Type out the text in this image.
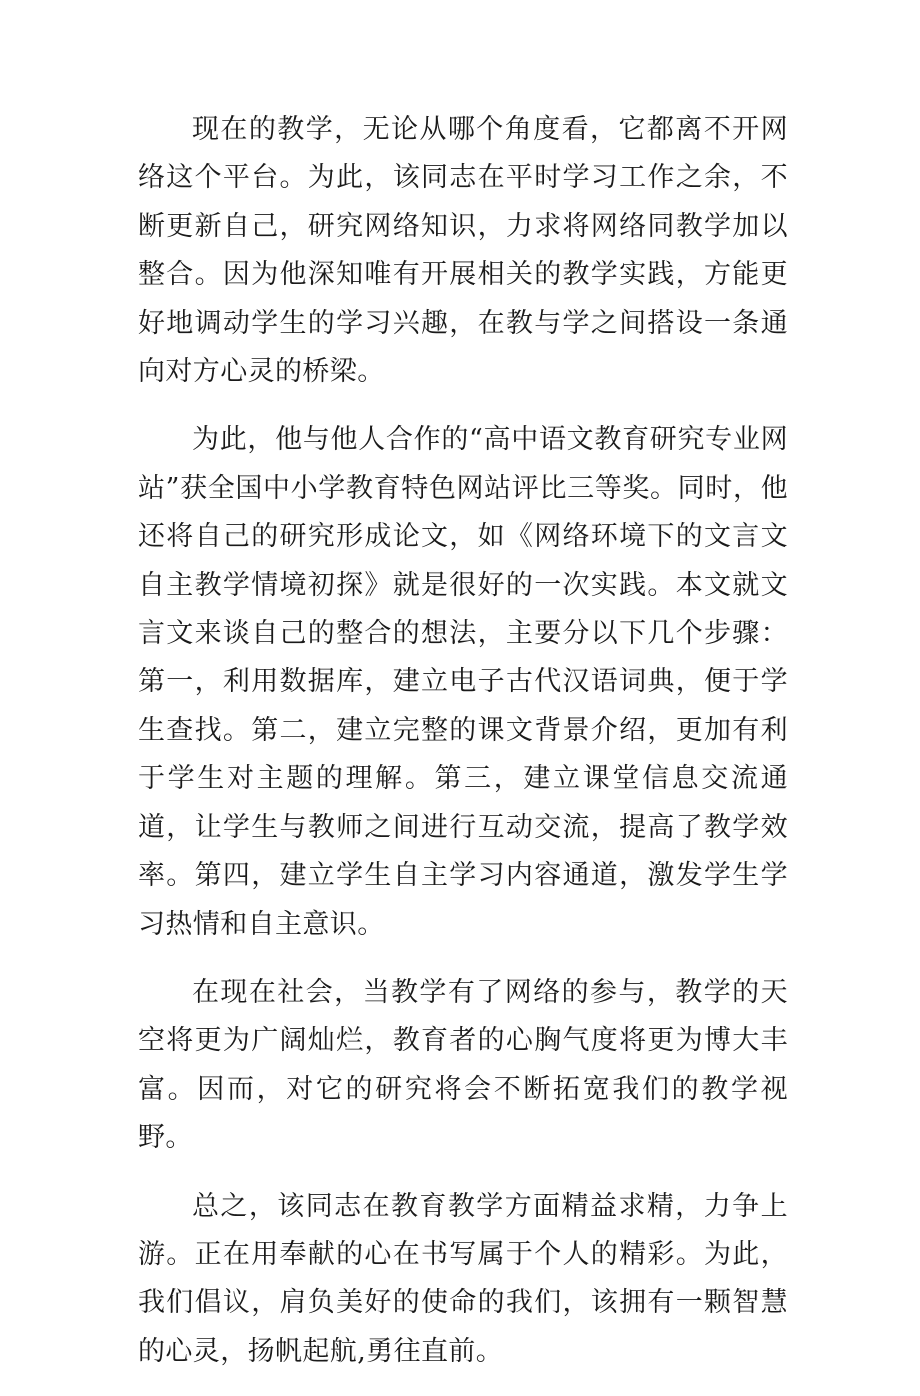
现在的教学，无论从哪个角度看，它都离不开网络这个平台。为此，该同志在平时学习工作之余，不断更新自己，研究网络知识，力求将网络同教学加以整合。因为他深知唯有开展相关的教学实践，方能更好地调动学生的学习兴趣，在教与学之间搭设一条通向对方心灵的桥梁。

为此，他与他人合作的“高中语文教育研究专业网站”获全国中小学教育特色网站评比三等奖。同时，他还将自己的研究形成论文，如《网络环境下的文言文自主教学情境初探》就是很好的一次实践。本文就文言文来谈自己的整合的想法，主要分以下几个步骤：第一，利用数据库，建立电子古代汉语词典，便于学生查找。第二，建立完整的课文背景介绍，更加有利于学生对主题的理解。第三，建立课堂信息交流通道，让学生与教师之间进行互动交流，提高了教学效率。第四，建立学生自主学习内容通道，激发学生学习热情和自主意识。

在现在社会，当教学有了网络的参与，教学的天空将更为广阔灿烂，教育者的心胸气度将更为博大丰富。因而，对它的研究将会不断拓宽我们的教学视野。

总之，该同志在教育教学方面精益求精，力争上游。正在用奉献的心在书写属于个人的精彩。为此，我们倡议，肩负美好的使命的我们，该拥有一颗智慧的心灵，扬帆起航,勇往直前。
